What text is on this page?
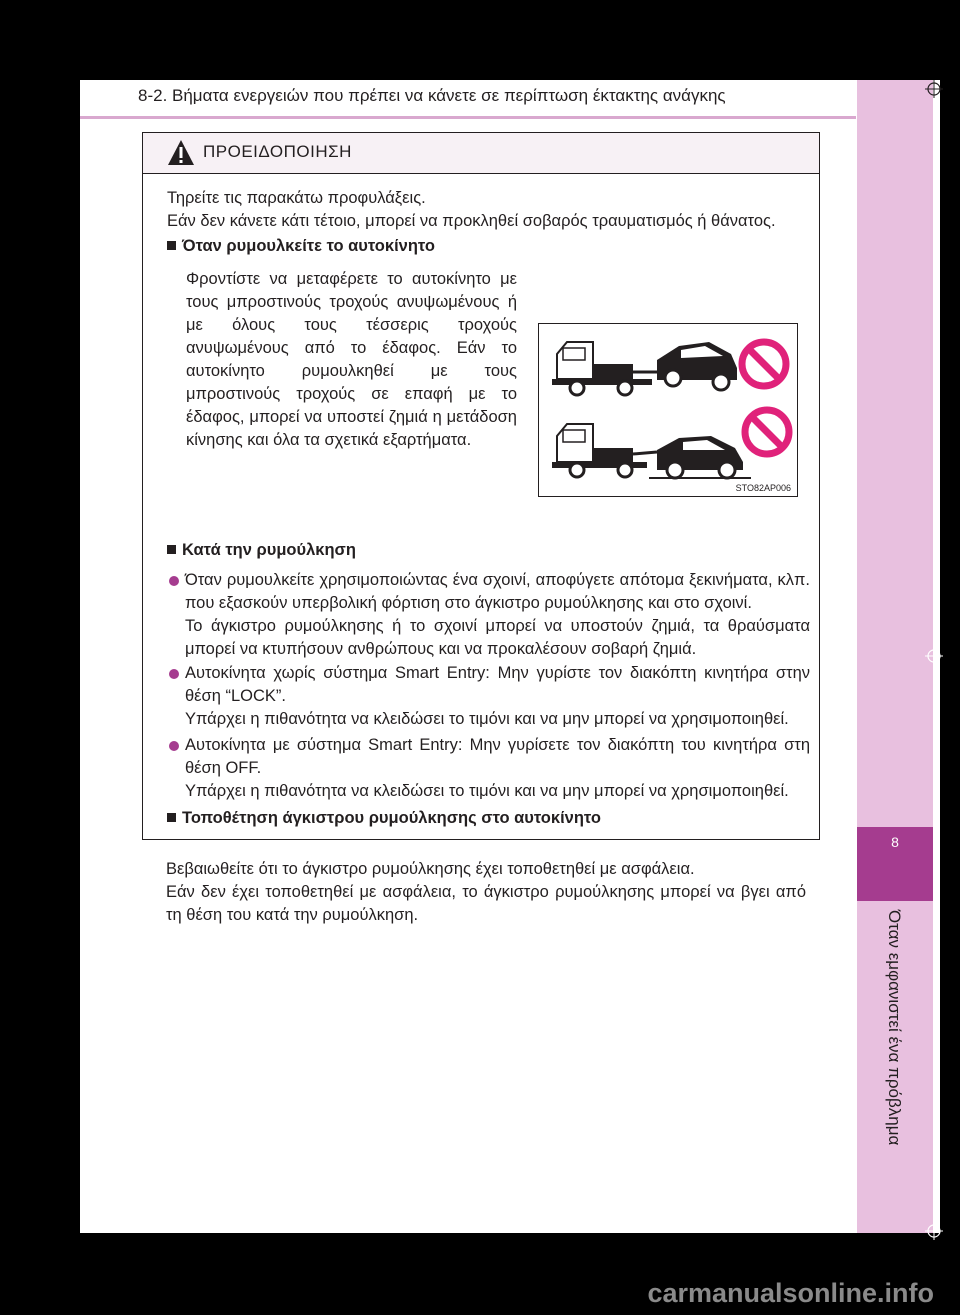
8-2. Βήματα ενεργειών που πρέπει να κάνετε σε περίπτωση έκτακτης ανάγκης
8
Όταν εμφανιστεί ένα πρόβλημα
ΠΡΟΕΙΔΟΠΟΙΗΣΗ
Τηρείτε τις παρακάτω προφυλάξεις.
Εάν δεν κάνετε κάτι τέτοιο, μπορεί να προκληθεί σοβαρός τραυματισμός ή θάνατος.
Όταν ρυμουλκείτε το αυτοκίνητο
Φροντίστε να μεταφέρετε το αυτοκίνητο με τους μπροστινούς τροχούς ανυψωμένους ή με όλους τους τέσσερις τροχούς ανυψωμένους από το έδαφος. Εάν το αυτοκίνητο ρυμουλκηθεί με τους μπροστινούς τροχούς σε επαφή με το έδαφος, μπορεί να υποστεί ζημιά η μετάδοση κίνησης και όλα τα σχετικά εξαρτήματα.
STO82AP006
Κατά την ρυμούλκηση
Όταν ρυμουλκείτε χρησιμοποιώντας ένα σχοινί, αποφύγετε απότομα ξεκινήματα, κλπ. που εξασκούν υπερβολική φόρτιση στο άγκιστρο ρυμούλκησης και στο σχοινί.
Το άγκιστρο ρυμούλκησης ή το σχοινί μπορεί να υποστούν ζημιά, τα θραύσματα μπορεί να κτυπήσουν ανθρώπους και να προκαλέσουν σοβαρή ζημιά.
Αυτοκίνητα χωρίς σύστημα Smart Entry: Μην γυρίστε τον διακόπτη κινητήρα στην θέση “LOCK”.
Υπάρχει η πιθανότητα να κλειδώσει το τιμόνι και να μην μπορεί να χρησιμοποιηθεί.
Αυτοκίνητα με σύστημα Smart Entry: Μην γυρίσετε τον διακόπτη του κινητήρα στη θέση OFF.
Υπάρχει η πιθανότητα να κλειδώσει το τιμόνι και να μην μπορεί να χρησιμοποιηθεί.
Τοποθέτηση άγκιστρου ρυμούλκησης στο αυτοκίνητο
Βεβαιωθείτε ότι το άγκιστρο ρυμούλκησης έχει τοποθετηθεί με ασφάλεια.
Εάν δεν έχει τοποθετηθεί με ασφάλεια, το άγκιστρο ρυμούλκησης μπορεί να βγει από τη θέση του κατά την ρυμούλκηση.
carmanualsonline.info
